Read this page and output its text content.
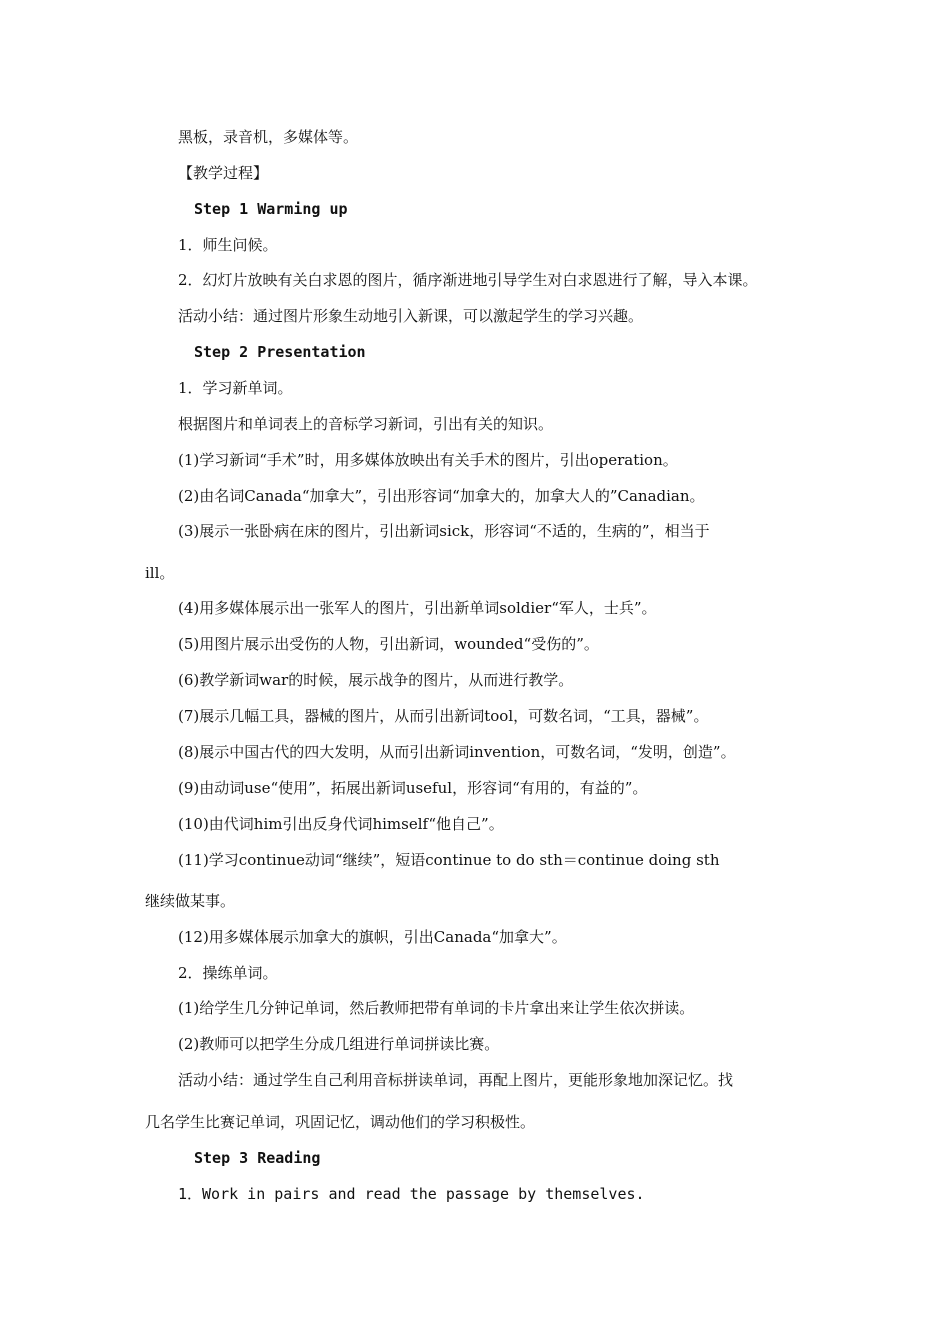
黑板，录音机，多媒体等。
【教学过程】
Step 1 Warming up
1．师生问候。
2．幻灯片放映有关白求恩的图片，循序渐进地引导学生对白求恩进行了解，导入本课。
活动小结：通过图片形象生动地引入新课，可以激起学生的学习兴趣。
Step 2 Presentation
1．学习新单词。
根据图片和单词表上的音标学习新词，引出有关的知识。
(1)学习新词“手术”时，用多媒体放映出有关手术的图片，引出operation。
(2)由名词Canada“加拿大”，引出形容词“加拿大的，加拿大人的”Canadian。
(3)展示一张卧病在床的图片，引出新词sick，形容词“不适的，生病的”，相当于
ill。
(4)用多媒体展示出一张军人的图片，引出新单词soldier“军人，士兵”。
(5)用图片展示出受伤的人物，引出新词，wounded“受伤的”。
(6)教学新词war的时候，展示战争的图片，从而进行教学。
(7)展示几幅工具，器械的图片，从而引出新词tool，可数名词，“工具，器械”。
(8)展示中国古代的四大发明，从而引出新词invention，可数名词，“发明，创造”。
(9)由动词use“使用”，拓展出新词useful，形容词“有用的，有益的”。
(10)由代词him引出反身代词himself“他自己”。
(11)学习continue动词“继续”，短语continue to do sth＝continue doing sth
继续做某事。
(12)用多媒体展示加拿大的旗帜，引出Canada“加拿大”。
2．操练单词。
(1)给学生几分钟记单词，然后教师把带有单词的卡片拿出来让学生依次拼读。
(2)教师可以把学生分成几组进行单词拼读比赛。
活动小结：通过学生自己利用音标拼读单词，再配上图片，更能形象地加深记忆。找
几名学生比赛记单词，巩固记忆，调动他们的学习积极性。
Step 3 Reading
1．Work in pairs and read the passage by themselves.
